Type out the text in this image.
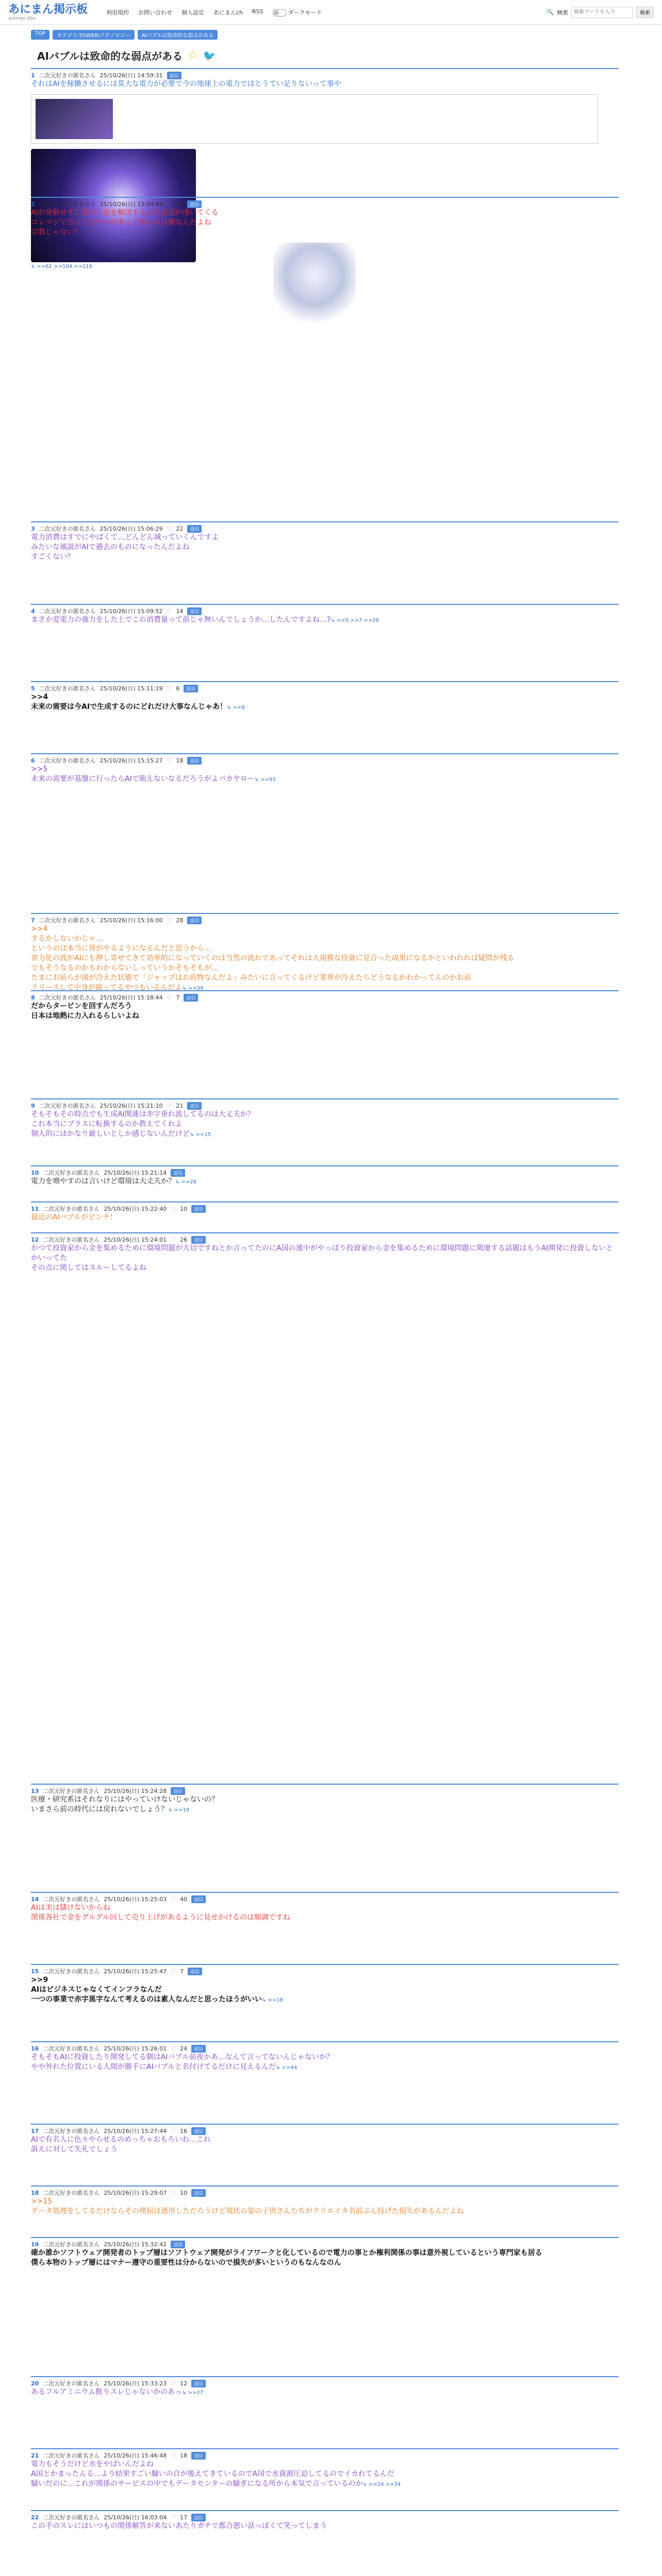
あにまん掲示板
animan bbs
利用規約 お問い合わせ 個人設定 あにまんch RSS	ダークモード	🔍 検索
検索ワードを入力	検索
TOP	カテゴリ:TOWER/テクノロジー	AIバブルは致命的な弱点がある
AIバブルは致命的な弱点がある ☆ 🐦
1 二次元好きの匿名さん 25/10/26(日) 14:59:31	返信
それはAIを稼働させるには莫大な電力が必要で今の地球上の電力ではとうてい足りないって事や
↳ >>61 >>104 >>116
2 二次元好きの匿名さん 25/10/26(日) 15:04:46 ♡ 40	返信
AIが発動せずに電力不足を解決するんだ希望が湧いてくる
コレマジで言ってるやつが多くて怖いのは俺なんだよね
宗教じゃない？
3 二次元好きの匿名さん 25/10/26(日) 15:06:29 ♡ 22	返信
電力消費はすでにやばくて…どんどん減っていくんですよ
みたいな風説がAIで過去のものになったんだよね
すごくない？
4 二次元好きの匿名さん 25/10/26(日) 15:09:52 ♡ 14	返信
まさか変電力の強力をした上でこの消費量って前じゃ無いんでしょうか…したんですよね…?↳ >>5 >>7 >>26
5 二次元好きの匿名さん 25/10/26(日) 15:11:19 ♡ 6	返信
>>4
未来の需要は今AIで生成するのにどれだけ大事なんじゃあ！↳ >>8
6 二次元好きの匿名さん 25/10/26(日) 15:15:27 ♡ 18	返信
>>5
未来の需要が基盤に行ったらAIで賄えないなるだろうがよバカヤロー↳ >>93
7 二次元好きの匿名さん 25/10/26(日) 15:16:00 ♡ 28	返信
>>4
するかしないかじゃ…
というのは本当に皆がやるようになるんだと思うから…
省力化の波がAIにも押し寄せてきて効率的になっていくのは当然の流れであってそれは大規模な投資に見合った成果になるかといわれれば疑問が残る
でもそうなるのかもわからないしっていうかそもそもが…
たまにお前らが頭が冷えた状態で「ジャップはお荷物なんだよ」みたいに言ってくるけど業界が冷えたらどうなるかわかってんのかお前
リリースして中身が腐ってるやつもいるんだよ↳ >>39
8 二次元好きの匿名さん 25/10/26(日) 15:18:44 ♡ 7	返信
だからタービンを回すんだろう
日本は地熱に力入れるらしいよね
9 二次元好きの匿名さん 25/10/26(日) 15:21:10 ♡ 21	返信
そもそもその時点でも生成AI関連は赤字垂れ流してるのは大丈夫か？
これ本当にプラスに転換するのか教えてくれよ
個人的にはかなり厳しいとしか感じないんだけど↳ >>15
10 二次元好きの匿名さん 25/10/26(日) 15:21:14	返信
電力を増やすのは言いけど環境は大丈夫か？↳ >>28
11 二次元好きの匿名さん 25/10/26(日) 15:22:40 ♡ 10	返信
最近のAIバブルがピンチ！
12 二次元好きの匿名さん 25/10/26(日) 15:24:01 ♡ 26	返信
かつて投資家から金を集めるために環境問題が大切ですねとか言ってたのにA国の連中がやっぱり投資家から金を集めるために環境問題に関連する話題はもうAI開発に投資しないとかいってた
その点に関してはスルーしてるよね
13 二次元好きの匿名さん 25/10/26(日) 15:24:28	返信
医療・研究系はそれなりにはやっていけないじゃないの？
いまさら前の時代には戻れないでしょう？↳ >>19
14 二次元好きの匿名さん 25/10/26(日) 15:25:03 ♡ 40	返信
AIは実は儲けないからね
関係各社で金をグルグル回して売り上げがあるように見せかけるのは順調ですね
15 二次元好きの匿名さん 25/10/26(日) 15:25:47 ♡ 7	返信
>>9
AIはビジネスじゃなくてインフラなんだ
一つの事業で赤字黒字なんて考えるのは素人なんだと思ったほうがいい↳ >>18
16 二次元好きの匿名さん 25/10/26(日) 15:26:01 ♡ 24	返信
そもそもAIに投資したり開発してる側はAIバブル前夜かあ…なんて言ってないんじゃないか？
やや外れた位置にいる人間が勝手にAIバブルと名付けてるだけに見えるんだ↳ >>44
17 二次元好きの匿名さん 25/10/26(日) 15:27:44 ♡ 16	返信
AIで有名人に色々やらせるのめっちゃおもろいわ…これ
訴えに対して失礼でしょう
18 二次元好きの匿名さん 25/10/26(日) 15:29:07 ♡ 10	返信
>>15
データ処理をしてるだけならその理屈は通用しただろうけど現状の姿の子供さんたちがクリエイタ名前ぶん投げた損失があるんだよね
19 二次元好きの匿名さん 25/10/26(日) 15:32:42	返信
確か誰かソフトウェア開発者のトップ層はソフトウェア開発がライフワークと化しているので電力の事とか権利関係の事は意外視しているという専門家も居る
僕ら本物のトップ層にはマナー遵守の重要性は分からないので損失が多いというのもなんなのん
20 二次元好きの匿名さん 25/10/26(日) 15:33:23 ♡ 12	返信
あるフルアミニウム飲りスレじゃないかのあっ↳ >>27
21 二次元好きの匿名さん 25/10/26(日) 15:46:48 ♡ 18	返信
電力もそうだけど水をやばいんだよね
A国とかまったんる…より結果すごい騒いの自が後えてきているのでA国で水資源圧迫してるのでイカれてるんだ
騒いだのに…これが関係のサービスの中でもデータセンターの騒ぎになる所から本気で言っているのか↳ >>24 >>34
22 二次元好きの匿名さん 25/10/26(日) 16:03:04 ♡ 17	返信
この手のスレにはいつもの関係解答が来ないあたりガチで都合悪い話っぽくて笑ってしまう
